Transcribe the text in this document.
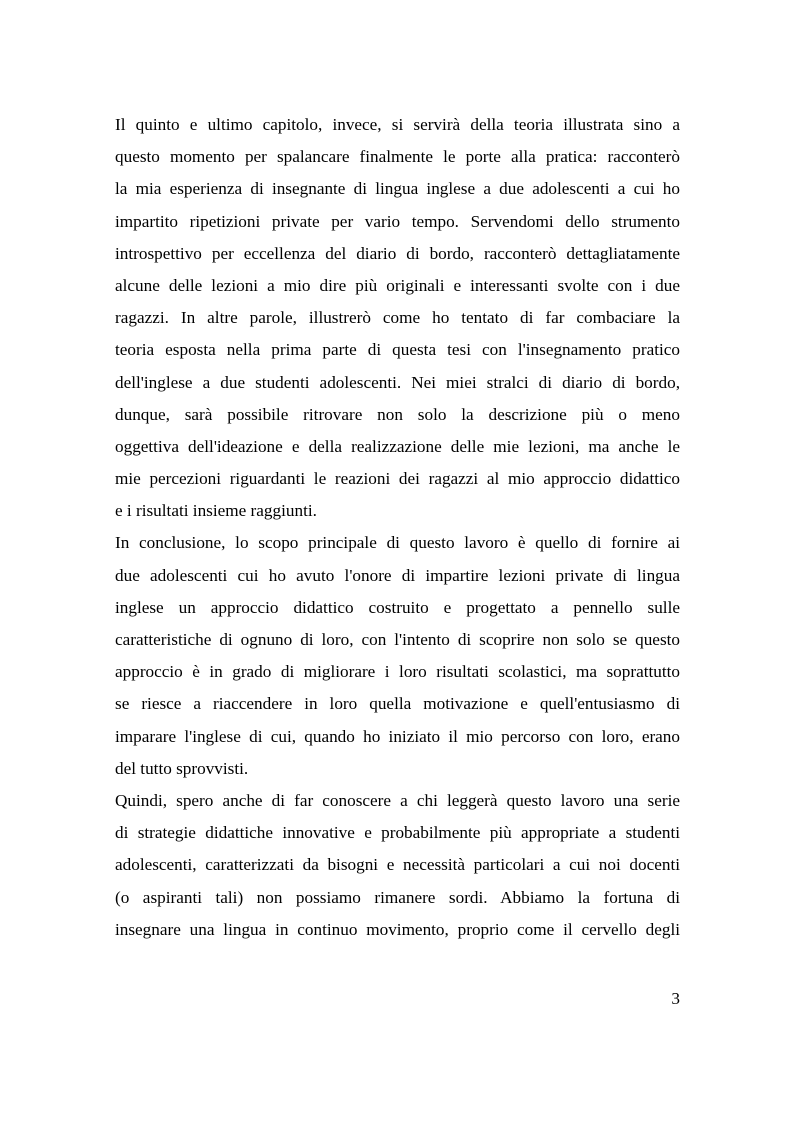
Il quinto e ultimo capitolo, invece, si servirà della teoria illustrata sino a
questo momento per spalancare finalmente le porte alla pratica: racconterò
la mia esperienza di insegnante di lingua inglese a due adolescenti a cui ho
impartito ripetizioni private per vario tempo. Servendomi dello strumento
introspettivo per eccellenza del diario di bordo, racconterò dettagliatamente
alcune delle lezioni a mio dire più originali e interessanti svolte con i due
ragazzi. In altre parole, illustrerò come ho tentato di far combaciare la
teoria esposta nella prima parte di questa tesi con l'insegnamento pratico
dell'inglese a due studenti adolescenti. Nei miei stralci di diario di bordo,
dunque, sarà possibile ritrovare non solo la descrizione più o meno
oggettiva dell'ideazione e della realizzazione delle mie lezioni, ma anche le
mie percezioni riguardanti le reazioni dei ragazzi al mio approccio didattico
e i risultati insieme raggiunti.
In conclusione, lo scopo principale di questo lavoro è quello di fornire ai
due adolescenti cui ho avuto l'onore di impartire lezioni private di lingua
inglese un approccio didattico costruito e progettato a pennello sulle
caratteristiche di ognuno di loro, con l'intento di scoprire non solo se questo
approccio è in grado di migliorare i loro risultati scolastici, ma soprattutto
se riesce a riaccendere in loro quella motivazione e quell'entusiasmo di
imparare l'inglese di cui, quando ho iniziato il mio percorso con loro, erano
del tutto sprovvisti.
Quindi, spero anche di far conoscere a chi leggerà questo lavoro una serie
di strategie didattiche innovative e probabilmente più appropriate a studenti
adolescenti, caratterizzati da bisogni e necessità particolari a cui noi docenti
(o aspiranti tali) non possiamo rimanere sordi. Abbiamo la fortuna di
insegnare una lingua in continuo movimento, proprio come il cervello degli
3
